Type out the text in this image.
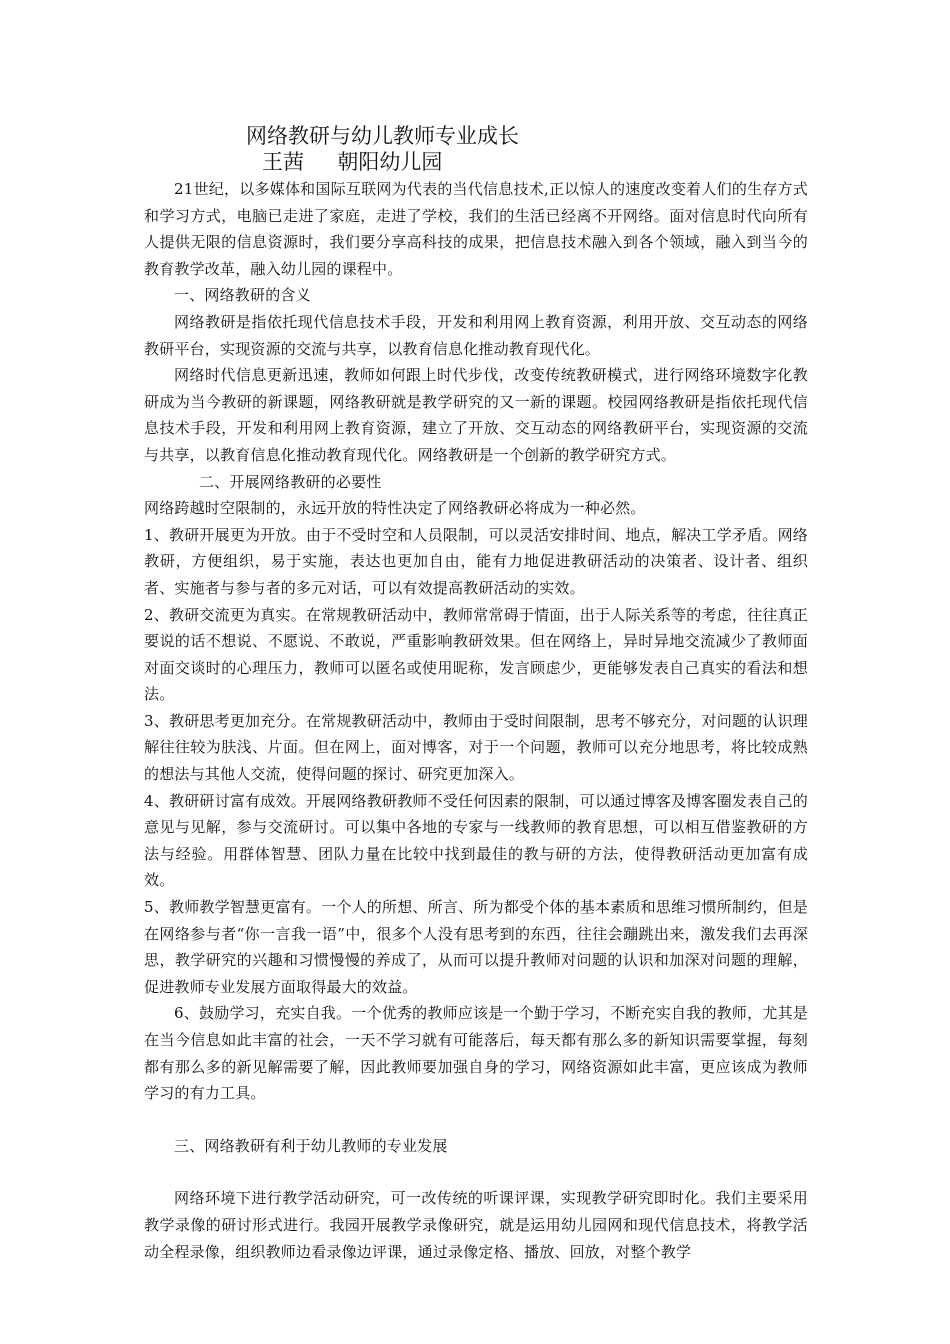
网络教研与幼儿教师专业成长
王茜     朝阳幼儿园

21世纪，以多媒体和国际互联网为代表的当代信息技术,正以惊人的速度改变着人们的生存方式和学习方式，电脑已走进了家庭，走进了学校，我们的生活已经离不开网络。面对信息时代向所有人提供无限的信息资源时，我们要分享高科技的成果，把信息技术融入到各个领域，融入到当今的教育教学改革，融入幼儿园的课程中。

一、网络教研的含义

网络教研是指依托现代信息技术手段，开发和利用网上教育资源，利用开放、交互动态的网络教研平台，实现资源的交流与共享，以教育信息化推动教育现代化。

网络时代信息更新迅速，教师如何跟上时代步伐，改变传统教研模式，进行网络环境数字化教研成为当今教研的新课题，网络教研就是教学研究的又一新的课题。校园网络教研是指依托现代信息技术手段，开发和利用网上教育资源，建立了开放、交互动态的网络教研平台，实现资源的交流与共享，以教育信息化推动教育现代化。网络教研是一个创新的教学研究方式。

二、开展网络教研的必要性

网络跨越时空限制的，永远开放的特性决定了网络教研必将成为一种必然。

1、教研开展更为开放。由于不受时空和人员限制，可以灵活安排时间、地点，解决工学矛盾。网络教研，方便组织，易于实施，表达也更加自由，能有力地促进教研活动的决策者、设计者、组织者、实施者与参与者的多元对话，可以有效提高教研活动的实效。

2、教研交流更为真实。在常规教研活动中，教师常常碍于情面，出于人际关系等的考虑，往往真正要说的话不想说、不愿说、不敢说，严重影响教研效果。但在网络上，异时异地交流减少了教师面对面交谈时的心理压力，教师可以匿名或使用昵称，发言顾虑少，更能够发表自己真实的看法和想法。

3、教研思考更加充分。在常规教研活动中，教师由于受时间限制，思考不够充分，对问题的认识理解往往较为肤浅、片面。但在网上，面对博客，对于一个问题，教师可以充分地思考，将比较成熟的想法与其他人交流，使得问题的探讨、研究更加深入。

4、教研研讨富有成效。开展网络教研教师不受任何因素的限制，可以通过博客及博客圈发表自己的意见与见解，参与交流研讨。可以集中各地的专家与一线教师的教育思想，可以相互借鉴教研的方法与经验。用群体智慧、团队力量在比较中找到最佳的教与研的方法，使得教研活动更加富有成效。

5、教师教学智慧更富有。一个人的所想、所言、所为都受个体的基本素质和思维习惯所制约，但是在网络参与者“你一言我一语”中，很多个人没有思考到的东西，往往会蹦跳出来，激发我们去再深思，教学研究的兴趣和习惯慢慢的养成了，从而可以提升教师对问题的认识和加深对问题的理解，促进教师专业发展方面取得最大的效益。

6、鼓励学习，充实自我。一个优秀的教师应该是一个勤于学习，不断充实自我的教师，尤其是在当今信息如此丰富的社会，一天不学习就有可能落后，每天都有那么多的新知识需要掌握，每刻都有那么多的新见解需要了解，因此教师要加强自身的学习，网络资源如此丰富，更应该成为教师学习的有力工具。

三、网络教研有利于幼儿教师的专业发展

网络环境下进行教学活动研究，可一改传统的听课评课，实现教学研究即时化。我们主要采用教学录像的研讨形式进行。我园开展教学录像研究，就是运用幼儿园网和现代信息技术，将教学活动全程录像，组织教师边看录像边评课，通过录像定格、播放、回放，对整个教学
